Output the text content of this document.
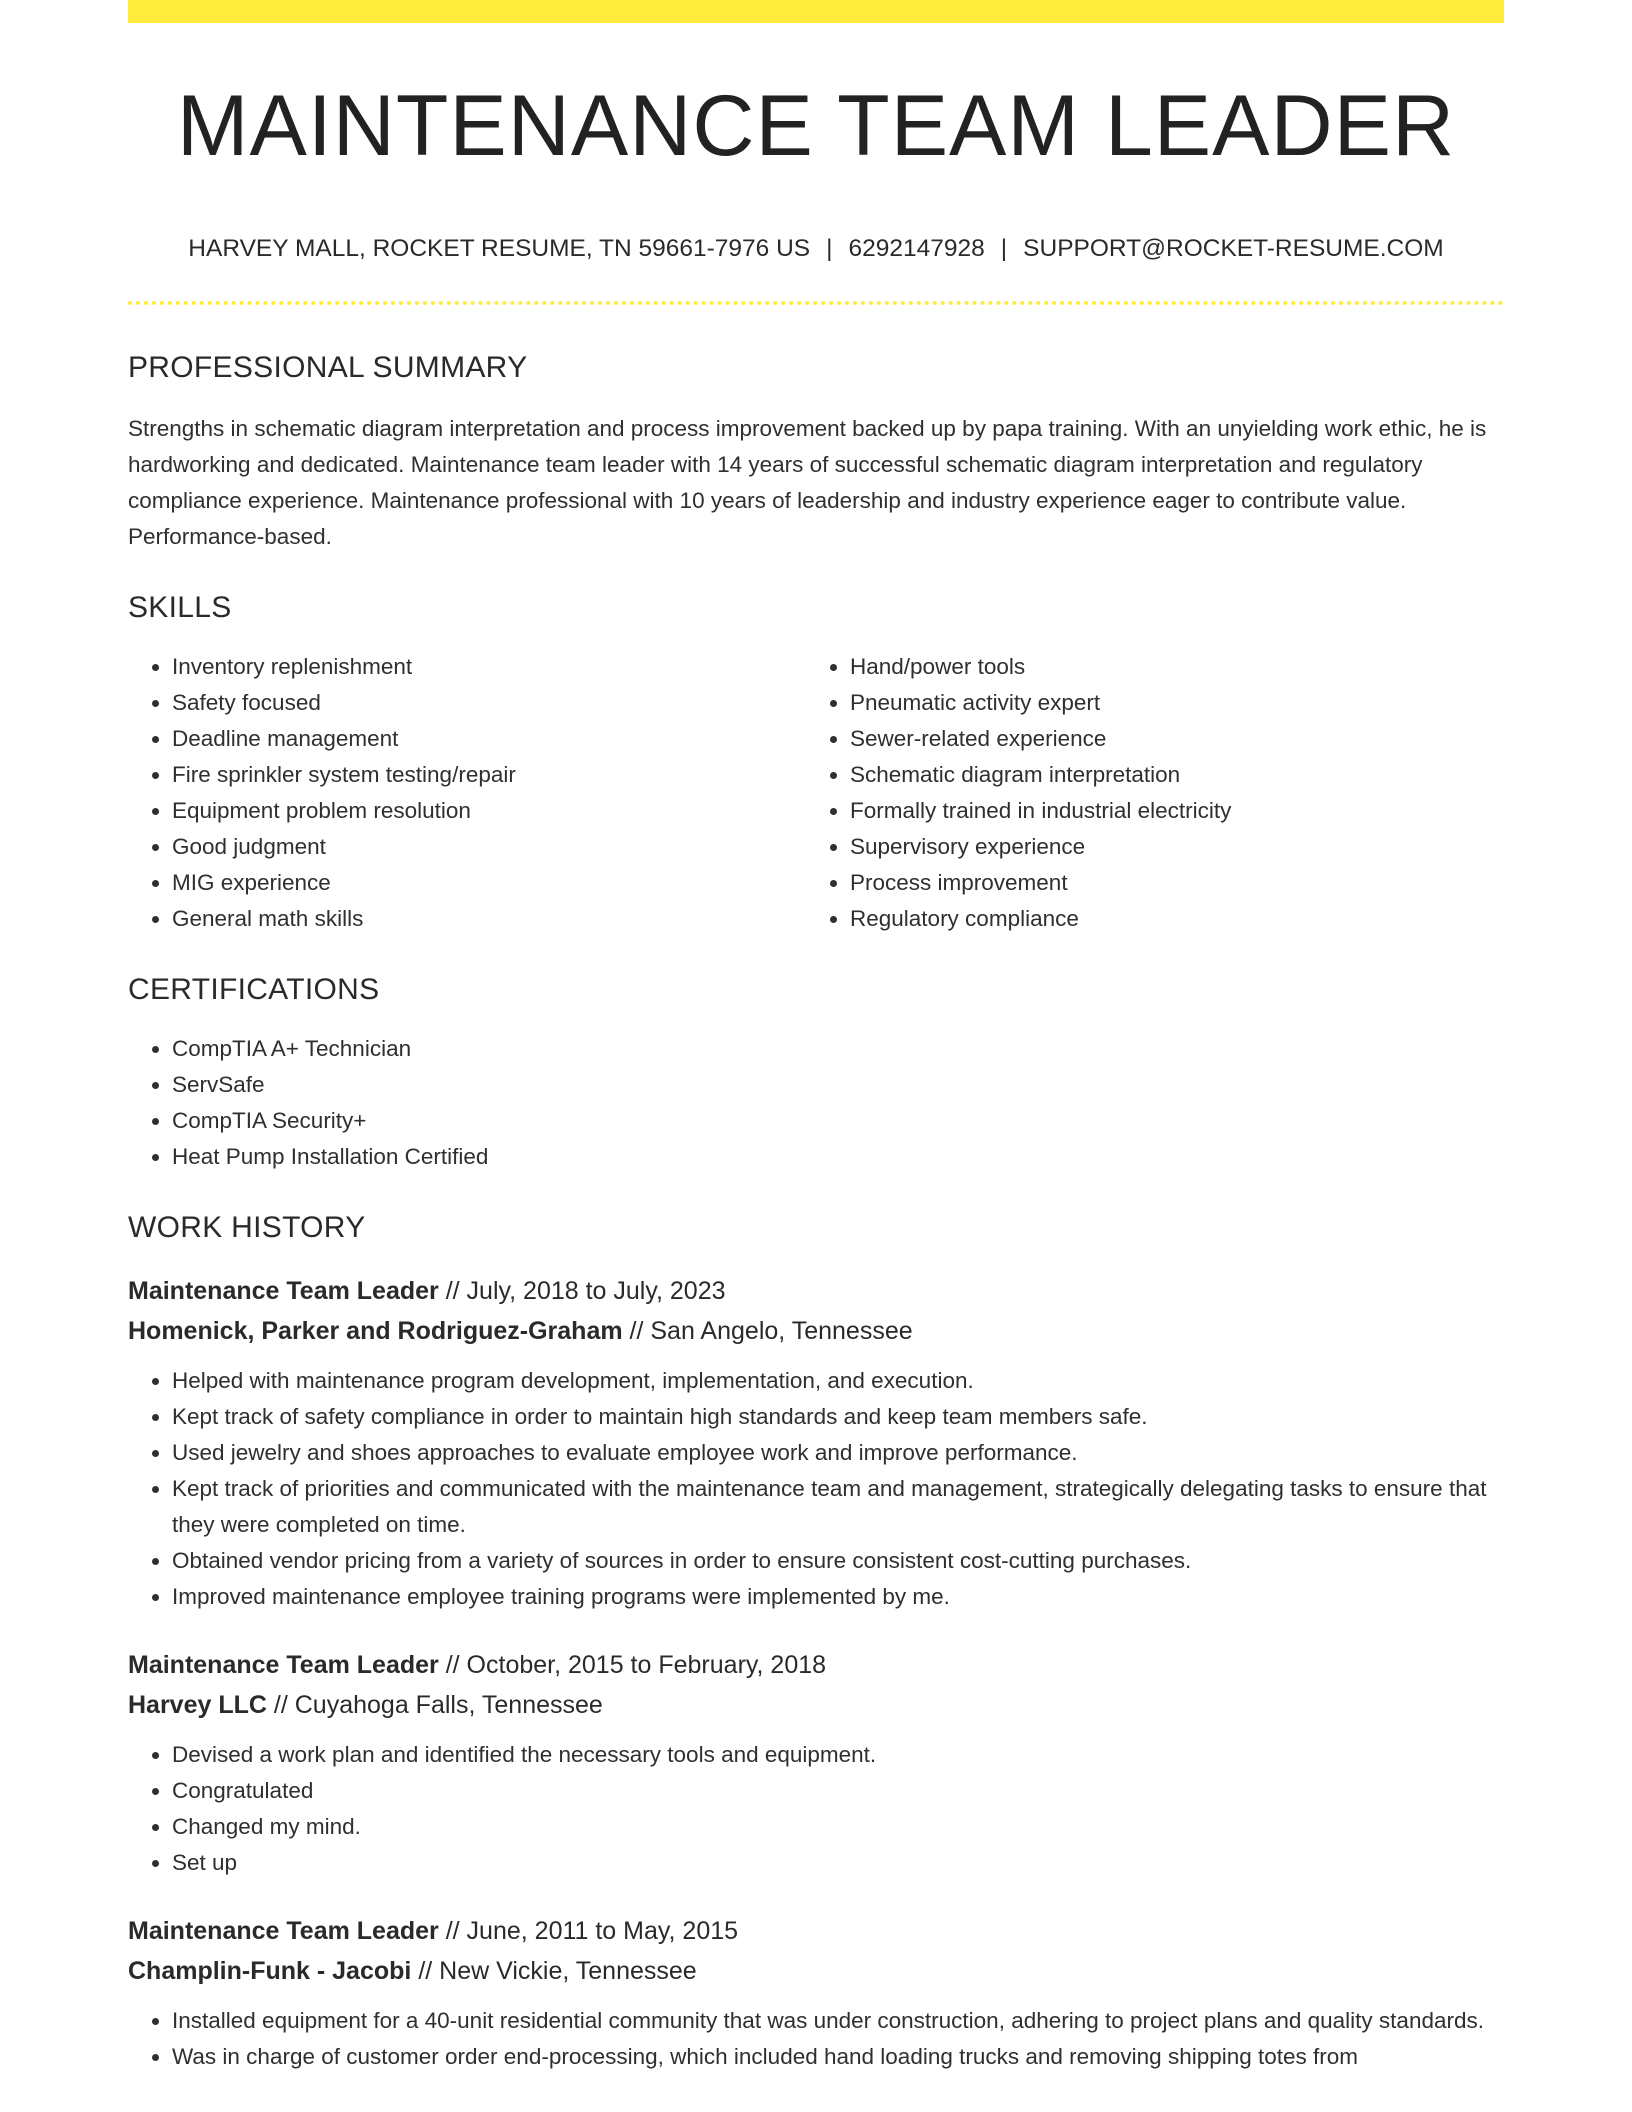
MAINTENANCE TEAM LEADER
HARVEY MALL, ROCKET RESUME, TN 59661-7976 US | 6292147928 | SUPPORT@ROCKET-RESUME.COM
PROFESSIONAL SUMMARY
Strengths in schematic diagram interpretation and process improvement backed up by papa training. With an unyielding work ethic, he is hardworking and dedicated. Maintenance team leader with 14 years of successful schematic diagram interpretation and regulatory compliance experience. Maintenance professional with 10 years of leadership and industry experience eager to contribute value. Performance-based.
SKILLS
• Inventory replenishment
• Safety focused
• Deadline management
• Fire sprinkler system testing/repair
• Equipment problem resolution
• Good judgment
• MIG experience
• General math skills
• Hand/power tools
• Pneumatic activity expert
• Sewer-related experience
• Schematic diagram interpretation
• Formally trained in industrial electricity
• Supervisory experience
• Process improvement
• Regulatory compliance
CERTIFICATIONS
• CompTIA A+ Technician
• ServSafe
• CompTIA Security+
• Heat Pump Installation Certified
WORK HISTORY
Maintenance Team Leader // July, 2018 to July, 2023
Homenick, Parker and Rodriguez-Graham // San Angelo, Tennessee
• Helped with maintenance program development, implementation, and execution.
• Kept track of safety compliance in order to maintain high standards and keep team members safe.
• Used jewelry and shoes approaches to evaluate employee work and improve performance.
• Kept track of priorities and communicated with the maintenance team and management, strategically delegating tasks to ensure that they were completed on time.
• Obtained vendor pricing from a variety of sources in order to ensure consistent cost-cutting purchases.
• Improved maintenance employee training programs were implemented by me.
Maintenance Team Leader // October, 2015 to February, 2018
Harvey LLC // Cuyahoga Falls, Tennessee
• Devised a work plan and identified the necessary tools and equipment.
• Congratulated
• Changed my mind.
• Set up
Maintenance Team Leader // June, 2011 to May, 2015
Champlin-Funk - Jacobi // New Vickie, Tennessee
• Installed equipment for a 40-unit residential community that was under construction, adhering to project plans and quality standards.
• Was in charge of customer order end-processing, which included hand loading trucks and removing shipping totes from
